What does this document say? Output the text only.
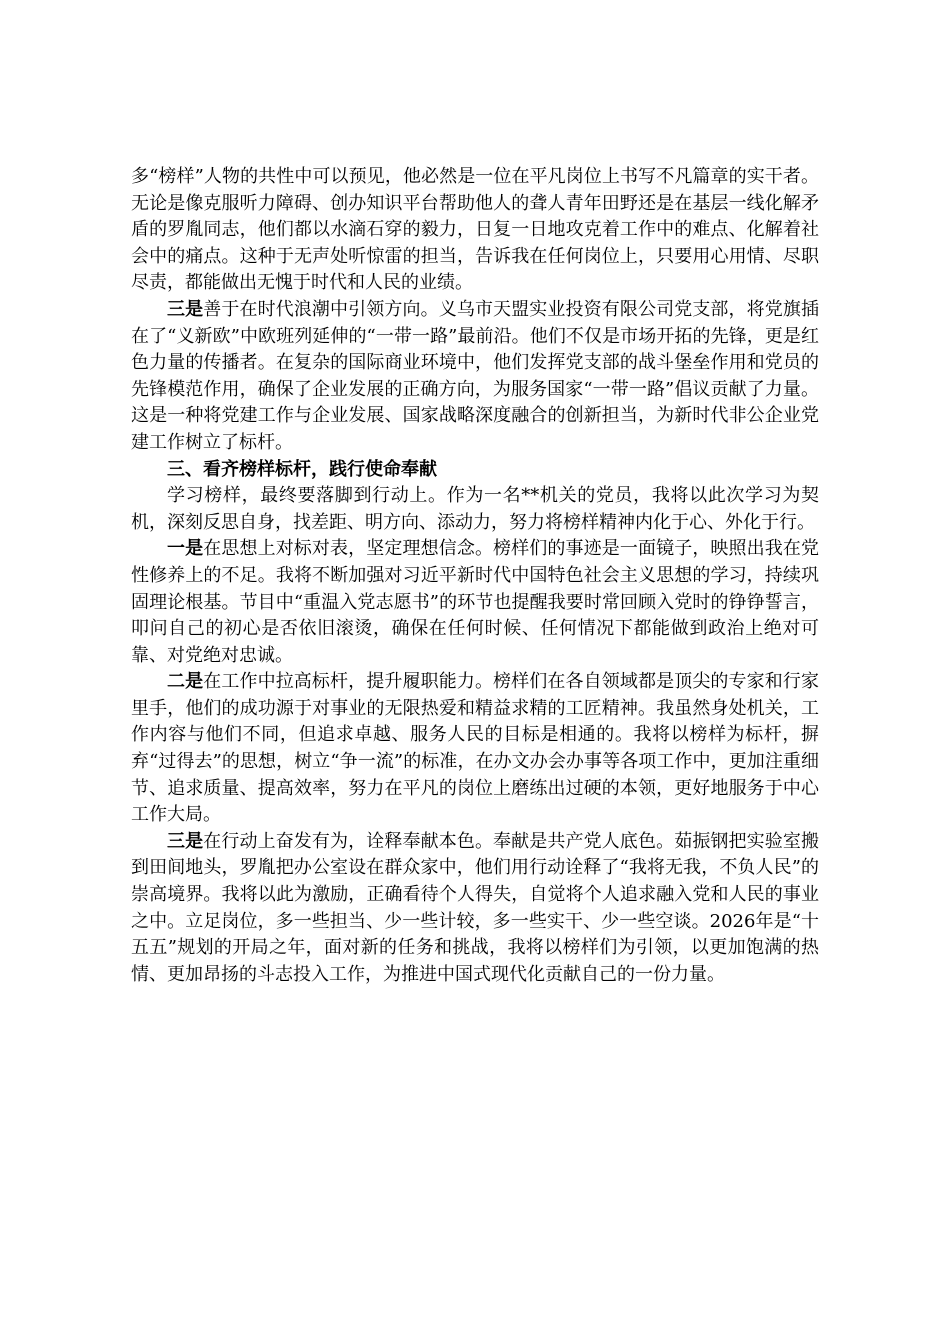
多“榜样”人物的共性中可以预见，他必然是一位在平凡岗位上书写不凡篇章的实干者。无论是像克服听力障碍、创办知识平台帮助他人的聋人青年田野还是在基层一线化解矛盾的罗胤同志，他们都以水滴石穿的毅力，日复一日地攻克着工作中的难点、化解着社会中的痛点。这种于无声处听惊雷的担当，告诉我在任何岗位上，只要用心用情、尽职尽责，都能做出无愧于时代和人民的业绩。

三是善于在时代浪潮中引领方向。义乌市天盟实业投资有限公司党支部，将党旗插在了“义新欧”中欧班列延伸的“一带一路”最前沿。他们不仅是市场开拓的先锋，更是红色力量的传播者。在复杂的国际商业环境中，他们发挥党支部的战斗堡垒作用和党员的先锋模范作用，确保了企业发展的正确方向，为服务国家“一带一路”倡议贡献了力量。这是一种将党建工作与企业发展、国家战略深度融合的创新担当，为新时代非公企业党建工作树立了标杆。

三、看齐榜样标杆，践行使命奉献

学习榜样，最终要落脚到行动上。作为一名**机关的党员，我将以此次学习为契机，深刻反思自身，找差距、明方向、添动力，努力将榜样精神内化于心、外化于行。

一是在思想上对标对表，坚定理想信念。榜样们的事迹是一面镜子，映照出我在党性修养上的不足。我将不断加强对习近平新时代中国特色社会主义思想的学习，持续巩固理论根基。节目中“重温入党志愿书”的环节也提醒我要时常回顾入党时的铮铮誓言，叩问自己的初心是否依旧滚烫，确保在任何时候、任何情况下都能做到政治上绝对可靠、对党绝对忠诚。

二是在工作中拉高标杆，提升履职能力。榜样们在各自领域都是顶尖的专家和行家里手，他们的成功源于对事业的无限热爱和精益求精的工匠精神。我虽然身处机关，工作内容与他们不同，但追求卓越、服务人民的目标是相通的。我将以榜样为标杆，摒弃“过得去”的思想，树立“争一流”的标准，在办文办会办事等各项工作中，更加注重细节、追求质量、提高效率，努力在平凡的岗位上磨练出过硬的本领，更好地服务于中心工作大局。

三是在行动上奋发有为，诠释奉献本色。奉献是共产党人底色。茹振钢把实验室搬到田间地头，罗胤把办公室设在群众家中，他们用行动诠释了“我将无我，不负人民”的崇高境界。我将以此为激励，正确看待个人得失，自觉将个人追求融入党和人民的事业之中。立足岗位，多一些担当、少一些计较，多一些实干、少一些空谈。2026年是“十五五”规划的开局之年，面对新的任务和挑战，我将以榜样们为引领，以更加饱满的热情、更加昂扬的斗志投入工作，为推进中国式现代化贡献自己的一份力量。
